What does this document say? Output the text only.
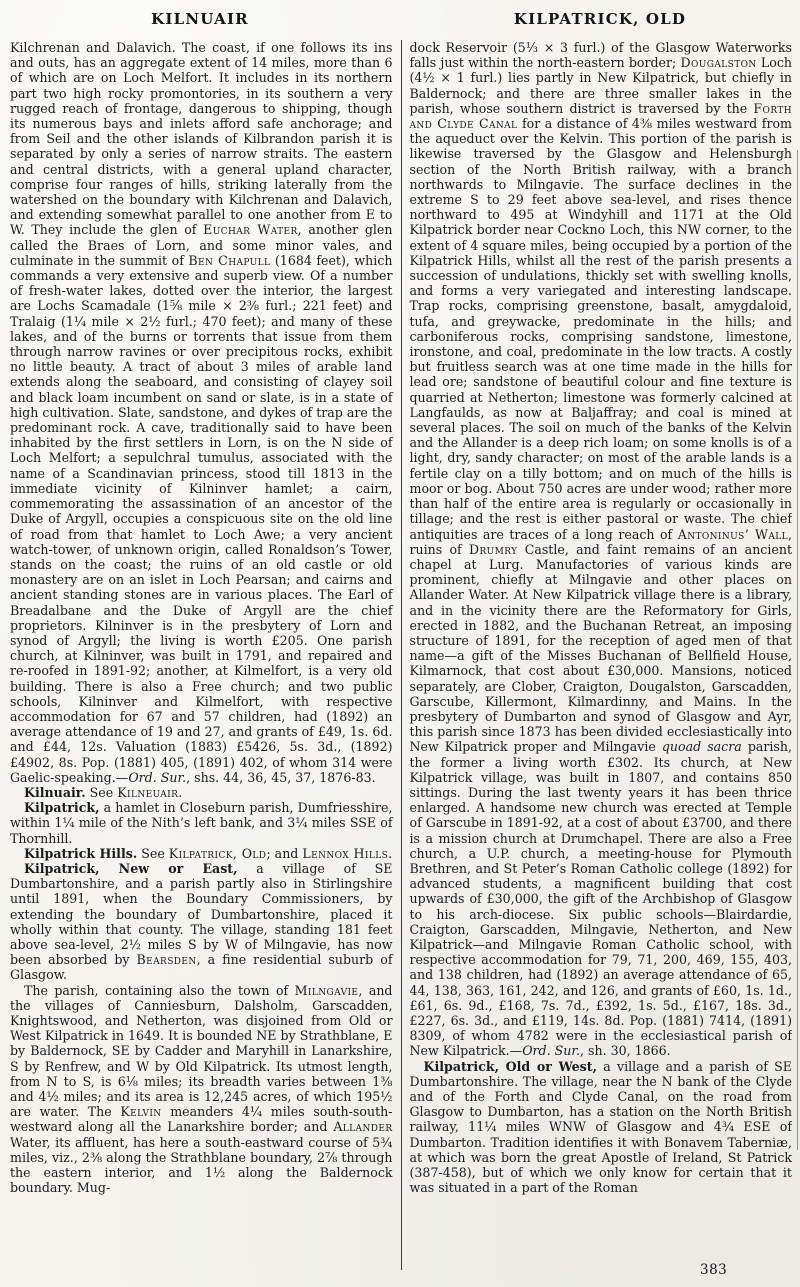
KILNUAIR	KILPATRICK, OLD

Kilchrenan and Dalavich. The coast, if one follows its ins and outs, has an aggregate extent of 14 miles, more than 6 of which are on Loch Melfort. It includes in its northern part two high rocky promontories, in its southern a very rugged reach of frontage, dangerous to shipping, though its numerous bays and inlets afford safe anchorage; and from Seil and the other islands of Kilbrandon parish it is separated by only a series of narrow straits. The eastern and central districts, with a general upland character, comprise four ranges of hills, striking laterally from the watershed on the boundary with Kilchrenan and Dalavich, and extending somewhat parallel to one another from E to W. They include the glen of Euchar Water, another glen called the Braes of Lorn, and some minor vales, and culminate in the summit of Ben Chapull (1684 feet), which commands a very extensive and superb view. Of a number of fresh-water lakes, dotted over the interior, the largest are Lochs Scamadale (1⅝ mile × 2⅜ furl.; 221 feet) and Tralaig (1¼ mile × 2½ furl.; 470 feet); and many of these lakes, and of the burns or torrents that issue from them through narrow ravines or over precipitous rocks, exhibit no little beauty. A tract of about 3 miles of arable land extends along the seaboard, and consisting of clayey soil and black loam incumbent on sand or slate, is in a state of high cultivation. Slate, sandstone, and dykes of trap are the predominant rock. A cave, traditionally said to have been inhabited by the first settlers in Lorn, is on the N side of Loch Melfort; a sepulchral tumulus, associated with the name of a Scandinavian princess, stood till 1813 in the immediate vicinity of Kilninver hamlet; a cairn, commemorating the assassination of an ancestor of the Duke of Argyll, occupies a conspicuous site on the old line of road from that hamlet to Loch Awe; a very ancient watch-tower, of unknown origin, called Ronaldson’s Tower, stands on the coast; the ruins of an old castle or old monastery are on an islet in Loch Pearsan; and cairns and ancient standing stones are in various places. The Earl of Breadalbane and the Duke of Argyll are the chief proprietors. Kilninver is in the presbytery of Lorn and synod of Argyll; the living is worth £205. One parish church, at Kilninver, was built in 1791, and repaired and re-roofed in 1891-92; another, at Kilmelfort, is a very old building. There is also a Free church; and two public schools, Kilninver and Kilmelfort, with respective accommodation for 67 and 57 children, had (1892) an average attendance of 19 and 27, and grants of £49, 1s. 6d. and £44, 12s. Valuation (1883) £5426, 5s. 3d., (1892) £4902, 8s. Pop. (1881) 405, (1891) 402, of whom 314 were Gaelic-speaking.—Ord. Sur., shs. 44, 36, 45, 37, 1876-83.

Kilnuair. See Kilneuair.

Kilpatrick, a hamlet in Closeburn parish, Dumfriesshire, within 1¼ mile of the Nith’s left bank, and 3¼ miles SSE of Thornhill.

Kilpatrick Hills. See Kilpatrick, Old; and Lennox Hills.

Kilpatrick, New or East, a village of SE Dumbartonshire, and a parish partly also in Stirlingshire until 1891, when the Boundary Commissioners, by extending the boundary of Dumbartonshire, placed it wholly within that county. The village, standing 181 feet above sea-level, 2½ miles S by W of Milngavie, has now been absorbed by Bearsden, a fine residential suburb of Glasgow.

The parish, containing also the town of Milngavie, and the villages of Canniesburn, Dalsholm, Garscadden, Knightswood, and Netherton, was disjoined from Old or West Kilpatrick in 1649. It is bounded NE by Strathblane, E by Baldernock, SE by Cadder and Maryhill in Lanarkshire, S by Renfrew, and W by Old Kilpatrick. Its utmost length, from N to S, is 6⅛ miles; its breadth varies between 1⅜ and 4½ miles; and its area is 12,245 acres, of which 195½ are water. The Kelvin meanders 4¼ miles south-south-westward along all the Lanarkshire border; and Allander Water, its affluent, has here a south-eastward course of 5¾ miles, viz., 2⅜ along the Strathblane boundary, 2⅞ through the eastern interior, and 1½ along the Baldernock boundary. Mug-

dock Reservoir (5⅓ × 3 furl.) of the Glasgow Waterworks falls just within the north-eastern border; Dougalston Loch (4½ × 1 furl.) lies partly in New Kilpatrick, but chiefly in Baldernock; and there are three smaller lakes in the parish, whose southern district is traversed by the Forth and Clyde Canal for a distance of 4⅜ miles westward from the aqueduct over the Kelvin. This portion of the parish is likewise traversed by the Glasgow and Helensburgh section of the North British railway, with a branch northwards to Milngavie. The surface declines in the extreme S to 29 feet above sea-level, and rises thence northward to 495 at Windyhill and 1171 at the Old Kilpatrick border near Cockno Loch, this NW corner, to the extent of 4 square miles, being occupied by a portion of the Kilpatrick Hills, whilst all the rest of the parish presents a succession of undulations, thickly set with swelling knolls, and forms a very variegated and interesting landscape. Trap rocks, comprising greenstone, basalt, amygdaloid, tufa, and greywacke, predominate in the hills; and carboniferous rocks, comprising sandstone, limestone, ironstone, and coal, predominate in the low tracts. A costly but fruitless search was at one time made in the hills for lead ore; sandstone of beautiful colour and fine texture is quarried at Netherton; limestone was formerly calcined at Langfaulds, as now at Baljaffray; and coal is mined at several places. The soil on much of the banks of the Kelvin and the Allander is a deep rich loam; on some knolls is of a light, dry, sandy character; on most of the arable lands is a fertile clay on a tilly bottom; and on much of the hills is moor or bog. About 750 acres are under wood; rather more than half of the entire area is regularly or occasionally in tillage; and the rest is either pastoral or waste. The chief antiquities are traces of a long reach of Antoninus’ Wall, ruins of Drumry Castle, and faint remains of an ancient chapel at Lurg. Manufactories of various kinds are prominent, chiefly at Milngavie and other places on Allander Water. At New Kilpatrick village there is a library, and in the vicinity there are the Reformatory for Girls, erected in 1882, and the Buchanan Retreat, an imposing structure of 1891, for the reception of aged men of that name—a gift of the Misses Buchanan of Bellfield House, Kilmarnock, that cost about £30,000. Mansions, noticed separately, are Clober, Craigton, Dougalston, Garscadden, Garscube, Killermont, Kilmardinny, and Mains. In the presbytery of Dumbarton and synod of Glasgow and Ayr, this parish since 1873 has been divided ecclesiastically into New Kilpatrick proper and Milngavie quoad sacra parish, the former a living worth £302. Its church, at New Kilpatrick village, was built in 1807, and contains 850 sittings. During the last twenty years it has been thrice enlarged. A handsome new church was erected at Temple of Garscube in 1891-92, at a cost of about £3700, and there is a mission church at Drumchapel. There are also a Free church, a U.P. church, a meeting-house for Plymouth Brethren, and St Peter’s Roman Catholic college (1892) for advanced students, a magnificent building that cost upwards of £30,000, the gift of the Archbishop of Glasgow to his arch-diocese. Six public schools—Blairdardie, Craigton, Garscadden, Milngavie, Netherton, and New Kilpatrick—and Milngavie Roman Catholic school, with respective accommodation for 79, 71, 200, 469, 155, 403, and 138 children, had (1892) an average attendance of 65, 44, 138, 363, 161, 242, and 126, and grants of £60, 1s. 1d., £61, 6s. 9d., £168, 7s. 7d., £392, 1s. 5d., £167, 18s. 3d., £227, 6s. 3d., and £119, 14s. 8d. Pop. (1881) 7414, (1891) 8309, of whom 4782 were in the ecclesiastical parish of New Kilpatrick.—Ord. Sur., sh. 30, 1866.

Kilpatrick, Old or West, a village and a parish of SE Dumbartonshire. The village, near the N bank of the Clyde and of the Forth and Clyde Canal, on the road from Glasgow to Dumbarton, has a station on the North British railway, 11¼ miles WNW of Glasgow and 4¾ ESE of Dumbarton. Tradition identifies it with Bonavem Taberniæ, at which was born the great Apostle of Ireland, St Patrick (387-458), but of which we only know for certain that it was situated in a part of the Roman

383
